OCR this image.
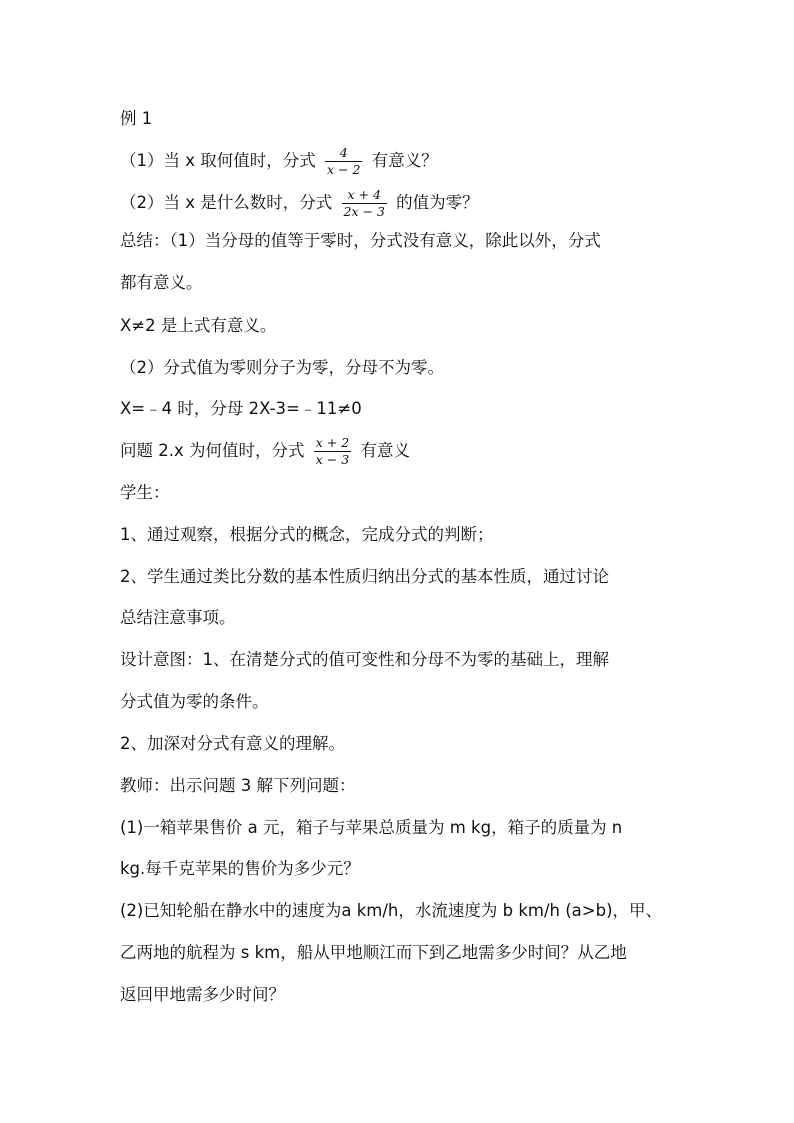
例 1
（1）当 x 取何值时，分式 $\frac{4}{x - 2}$ 有意义？
（2）当 x 是什么数时，分式 $\frac{x + 4}{2x - 3}$ 的值为零？
总结：（1）当分母的值等于零时，分式没有意义，除此以外，分式
都有意义。
X≠2 是上式有意义。
（2）分式值为零则分子为零，分母不为零。
X=﹣4 时，分母 2X-3=﹣11≠0
问题 2.x 为何值时，分式 $\frac{x + 2}{x - 3}$ 有意义
学生：
1、通过观察，根据分式的概念，完成分式的判断；
2、学生通过类比分数的基本性质归纳出分式的基本性质，通过讨论
总结注意事项。
设计意图：1、在清楚分式的值可变性和分母不为零的基础上，理解
分式值为零的条件。
2、加深对分式有意义的理解。
教师：出示问题 3 解下列问题：
(1)一箱苹果售价 a 元，箱子与苹果总质量为 m kg，箱子的质量为 n
kg.每千克苹果的售价为多少元？
(2)已知轮船在静水中的速度为a km/h，水流速度为 b km/h (a>b)，甲、
乙两地的航程为 s km，船从甲地顺江而下到乙地需多少时间？从乙地
返回甲地需多少时间？
